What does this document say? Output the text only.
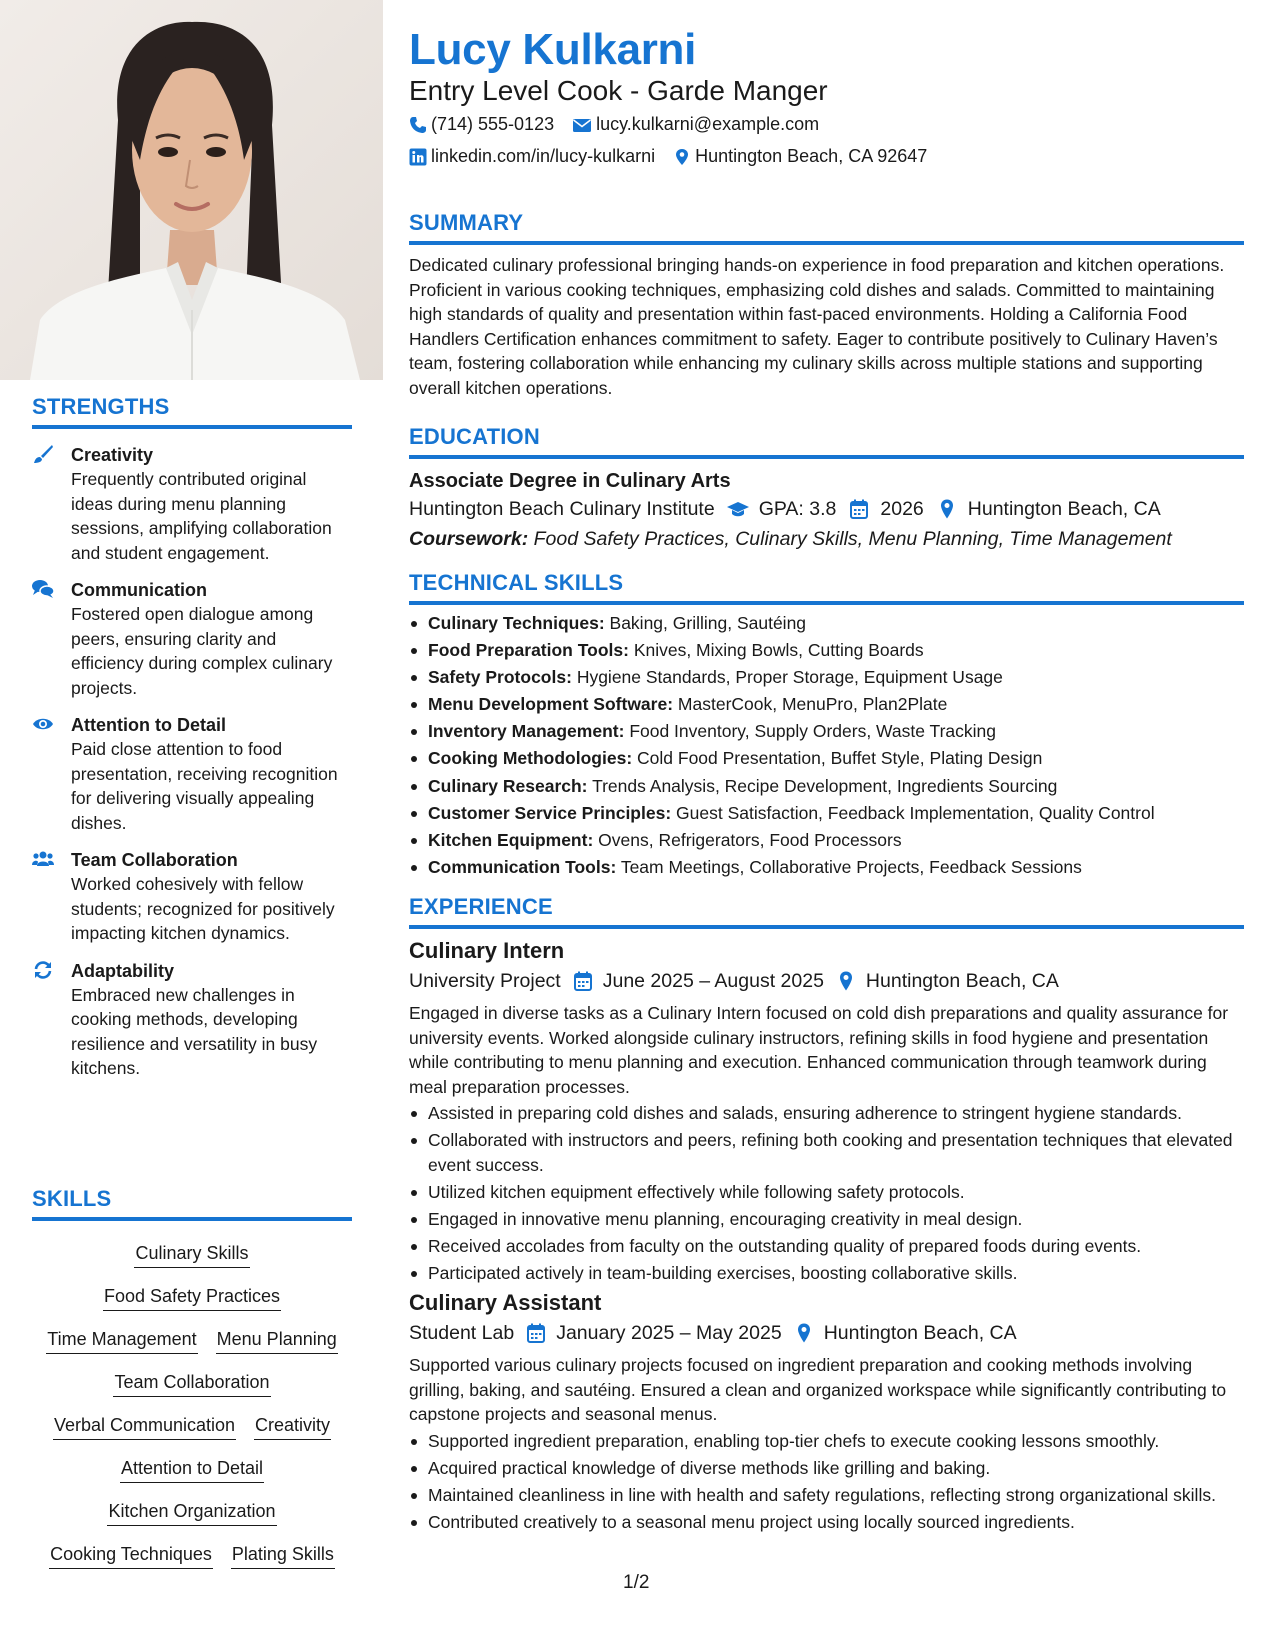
STRENGTHS
Creativity
Frequently contributed original ideas during menu planning sessions, amplifying collaboration and student engagement.
Communication
Fostered open dialogue among peers, ensuring clarity and efficiency during complex culinary projects.
Attention to Detail
Paid close attention to food presentation, receiving recognition for delivering visually appealing dishes.
Team Collaboration
Worked cohesively with fellow students; recognized for positively impacting kitchen dynamics.
Adaptability
Embraced new challenges in cooking methods, developing resilience and versatility in busy kitchens.
SKILLS
Culinary Skills
Food Safety Practices
Time Management Menu Planning
Team Collaboration
Verbal Communication Creativity
Attention to Detail
Kitchen Organization
Cooking Techniques Plating Skills
Lucy Kulkarni
Entry Level Cook - Garde Manger
(714) 555-0123 lucy.kulkarni@example.com
linkedin.com/in/lucy-kulkarni Huntington Beach, CA 92647
SUMMARY
Dedicated culinary professional bringing hands-on experience in food preparation and kitchen operations. Proficient in various cooking techniques, emphasizing cold dishes and salads. Committed to maintaining high standards of quality and presentation within fast-paced environments. Holding a California Food Handlers Certification enhances commitment to safety. Eager to contribute positively to Culinary Haven’s team, fostering collaboration while enhancing my culinary skills across multiple stations and supporting overall kitchen operations.
EDUCATION
Associate Degree in Culinary Arts
Huntington Beach Culinary Institute GPA: 3.8 2026 Huntington Beach, CA
Coursework: Food Safety Practices, Culinary Skills, Menu Planning, Time Management
TECHNICAL SKILLS
Culinary Techniques: Baking, Grilling, Sautéing
Food Preparation Tools: Knives, Mixing Bowls, Cutting Boards
Safety Protocols: Hygiene Standards, Proper Storage, Equipment Usage
Menu Development Software: MasterCook, MenuPro, Plan2Plate
Inventory Management: Food Inventory, Supply Orders, Waste Tracking
Cooking Methodologies: Cold Food Presentation, Buffet Style, Plating Design
Culinary Research: Trends Analysis, Recipe Development, Ingredients Sourcing
Customer Service Principles: Guest Satisfaction, Feedback Implementation, Quality Control
Kitchen Equipment: Ovens, Refrigerators, Food Processors
Communication Tools: Team Meetings, Collaborative Projects, Feedback Sessions
EXPERIENCE
Culinary Intern
University Project June 2025 – August 2025 Huntington Beach, CA
Engaged in diverse tasks as a Culinary Intern focused on cold dish preparations and quality assurance for university events. Worked alongside culinary instructors, refining skills in food hygiene and presentation while contributing to menu planning and execution. Enhanced communication through teamwork during meal preparation processes.
Assisted in preparing cold dishes and salads, ensuring adherence to stringent hygiene standards.
Collaborated with instructors and peers, refining both cooking and presentation techniques that elevated event success.
Utilized kitchen equipment effectively while following safety protocols.
Engaged in innovative menu planning, encouraging creativity in meal design.
Received accolades from faculty on the outstanding quality of prepared foods during events.
Participated actively in team-building exercises, boosting collaborative skills.
Culinary Assistant
Student Lab January 2025 – May 2025 Huntington Beach, CA
Supported various culinary projects focused on ingredient preparation and cooking methods involving grilling, baking, and sautéing. Ensured a clean and organized workspace while significantly contributing to capstone projects and seasonal menus.
Supported ingredient preparation, enabling top-tier chefs to execute cooking lessons smoothly.
Acquired practical knowledge of diverse methods like grilling and baking.
Maintained cleanliness in line with health and safety regulations, reflecting strong organizational skills.
Contributed creatively to a seasonal menu project using locally sourced ingredients.
1/2
